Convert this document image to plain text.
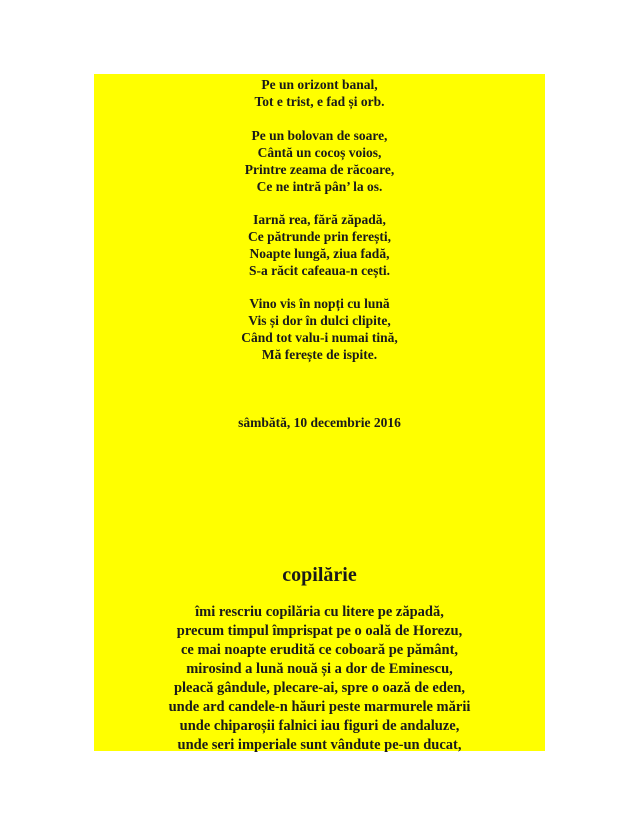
Pe un orizont banal,
Tot e trist, e fad și orb.
Pe un bolovan de soare,
Cântă un cocoș voios,
Printre zeama de răcoare,
Ce ne intră pân’ la os.
Iarnă rea, fără zăpadă,
Ce pătrunde prin ferești,
Noapte lungă, ziua fadă,
S-a răcit cafeaua-n cești.
Vino vis în nopți cu lună
Vis și dor în dulci clipite,
Când tot valu-i numai tină,
Mă ferește de ispite.
sâmbătă, 10 decembrie 2016
copilărie
îmi rescriu copilăria cu litere pe zăpadă,
precum timpul împrispat pe o oală de Horezu,
ce mai noapte erudită ce coboară pe pământ,
mirosind a lună nouă și a dor de Eminescu,
pleacă gândule, plecare-ai, spre o oază de eden,
unde ard candele-n hăuri peste marmurele mării
unde chiparoșii falnici iau figuri de andaluze,
unde seri imperiale sunt vândute pe-un ducat,
